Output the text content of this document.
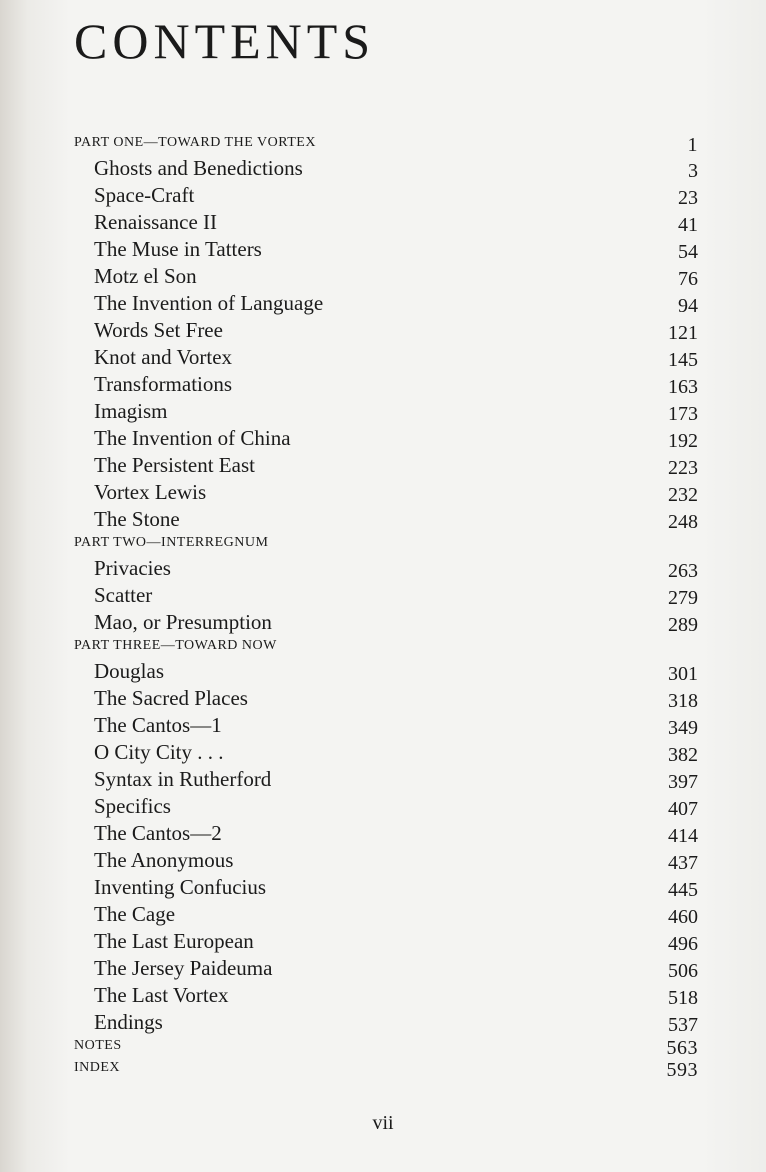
CONTENTS
PART ONE—TOWARD THE VORTEX	1
Ghosts and Benedictions	3
Space-Craft	23
Renaissance II	41
The Muse in Tatters	54
Motz el Son	76
The Invention of Language	94
Words Set Free	121
Knot and Vortex	145
Transformations	163
Imagism	173
The Invention of China	192
The Persistent East	223
Vortex Lewis	232
The Stone	248
PART TWO—INTERREGNUM
Privacies	263
Scatter	279
Mao, or Presumption	289
PART THREE—TOWARD NOW
Douglas	301
The Sacred Places	318
The Cantos—1	349
O City City . . .	382
Syntax in Rutherford	397
Specifics	407
The Cantos—2	414
The Anonymous	437
Inventing Confucius	445
The Cage	460
The Last European	496
The Jersey Paideuma	506
The Last Vortex	518
Endings	537
NOTES	563
INDEX	593
vii
